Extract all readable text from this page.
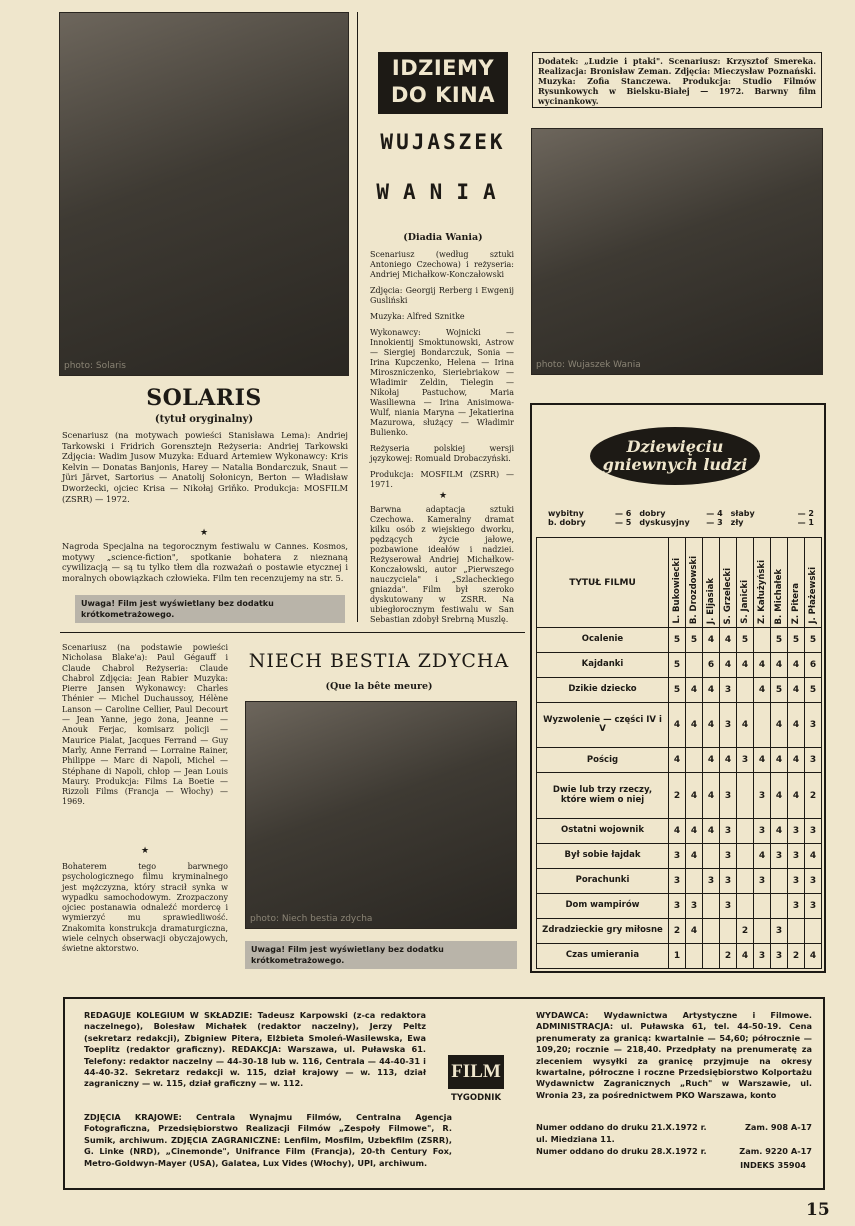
photo: Solaris
SOLARIS
(tytuł oryginalny)
Scenariusz (na motywach powieści Stanisława Lema): Andriej Tarkowski i Fridrich Gorensztejn Reżyseria: Andriej Tarkowski Zdjęcia: Wadim Jusow Muzyka: Eduard Artemiew Wykonawcy: Kris Kelvin — Donatas Banjonis, Harey — Natalia Bondarczuk, Snaut — Jüri Järvet, Sartorius — Anatolij Sołonicyn, Berton — Władisław Dworżecki, ojciec Krisa — Nikołaj Griňko. Produkcja: MOSFILM (ZSRR) — 1972.
★
Nagroda Specjalna na tegorocznym festiwalu w Cannes. Kosmos, motywy „science-fiction", spotkanie bohatera z nieznaną cywilizacją — są tu tylko tłem dla rozważań o postawie etycznej i moralnych obowiązkach człowieka. Film ten recenzujemy na str. 5.
Uwaga! Film jest wyświetlany bez dodatku krótkometrażowego.
IDZIEMY
DO KINA
WUJASZEK
WANIA
(Diadia Wania)

Scenariusz (według sztuki Antoniego Czechowa) i reżyseria: Andriej Michałkow-Konczałowski

Zdjęcia: Georgij Rerberg i Ewgenij Gusliński

Muzyka: Alfred Sznitke

Wykonawcy: Wojnicki — Innokientij Smoktunowski, Astrow — Siergiej Bondarczuk, Sonia — Irina Kupczenko, Helena — Irina Miroszniczenko, Sieriebriakow — Władimir Zeldin, Tielegin — Nikołaj Pastuchow, Maria Wasiliewna — Irina Anisimowa-Wulf, niania Maryna — Jekatierina Mazurowa, służący — Władimir Bulienko.

Reżyseria polskiej wersji językowej: Romuald Drobaczyński.

Produkcja: MOSFILM (ZSRR) — 1971.

★
Barwna adaptacja sztuki Czechowa. Kameralny dramat kilku osób z wiejskiego dworku, pędzących życie jałowe, pozbawione ideałów i nadziei. Reżyserował Andriej Michałkow-Konczałowski, autor „Pierwszego nauczyciela" i „Szlacheckiego gniazda". Film był szeroko dyskutowany w ZSRR. Na ubiegłorocznym festiwalu w San Sebastian zdobył Srebrną Muszlę.
Dodatek: „Ludzie i ptaki". Scenariusz: Krzysztof Smereka. Realizacja: Bronisław Zeman. Zdjęcia: Mieczysław Poznański. Muzyka: Zofia Stanczewa. Produkcja: Studio Filmów Rysunkowych w Bielsku-Białej — 1972. Barwny film wycinankowy.
photo: Wujaszek Wania
Scenariusz (na podstawie powieści Nicholasa Blake'a): Paul Gégauff i Claude Chabrol Reżyseria: Claude Chabrol Zdjęcia: Jean Rabier Muzyka: Pierre Jansen Wykonawcy: Charles Thénier — Michel Duchaussoy, Hélène Lanson — Caroline Cellier, Paul Decourt — Jean Yanne, jego żona, Jeanne — Anouk Ferjac, komisarz policji — Maurice Pialat, Jacques Ferrand — Guy Marly, Anne Ferrand — Lorraine Rainer, Philippe — Marc di Napoli, Michel — Stéphane di Napoli, chłop — Jean Louis Maury. Produkcja: Films La Boetie — Rizzoli Films (Francja — Włochy) — 1969.
★
Bohaterem tego barwnego psychologicznego filmu kryminalnego jest mężczyzna, który stracił synka w wypadku samochodowym. Zrozpaczony ojciec postanawia odnaleźć mordercę i wymierzyć mu sprawiedliwość. Znakomita konstrukcja dramaturgiczna, wiele celnych obserwacji obyczajowych, świetne aktorstwo.
NIECH BESTIA ZDYCHA
(Que la bête meure)
photo: Niech bestia zdycha
Uwaga! Film jest wyświetlany bez dodatku krótkometrażowego.
Dziewięciu
gniewnych ludzi
wybitny	— 6 dobry	— 4 słaby	— 2
b. dobry	— 5 dyskusyjny — 3 zły	— 1
TYTUŁ FILMU	L. Bukowiecki	B. Drozdowski	J. Eljasiak	S. Grzelecki	S. Janicki	Z. Kałużyński	B. Michałek	Z. Pitera	J. Płażewski

Ocalenie	5	5	4	4	5		5	5	5
Kajdanki	5		6	4	4	4	4	4	6
Dzikie dziecko	5	4	4	3		4	5	4	5
Wyzwolenie — części IV i V	4	4	4	3	4		4	4	3
Pościg	4		4	4	3	4	4	4	3
Dwie lub trzy rzeczy, które wiem o niej	2	4	4	3		3	4	4	2
Ostatni wojownik	4	4	4	3		3	4	3	3
Był sobie łajdak	3	4		3		4	3	3	4
Porachunki	3		3	3		3		3	3
Dom wampirów	3	3		3				3	3
Zdradzieckie gry miłosne	2	4			2		3		
Czas umierania	1			2	4	3	3	2	4
REDAGUJE KOLEGIUM W SKŁADZIE: Tadeusz Karpowski (z-ca redaktora naczelnego), Bolesław Michałek (redaktor naczelny), Jerzy Peltz (sekretarz redakcji), Zbigniew Pitera, Elżbieta Smoleń-Wasilewska, Ewa Toeplitz (redaktor graficzny). REDAKCJA: Warszawa, ul. Puławska 61. Telefony: redaktor naczelny — 44-30-18 lub w. 116, Centrala — 44-40-31 i 44-40-32. Sekretarz redakcji w. 115, dział krajowy — w. 113, dział zagraniczny — w. 115, dział graficzny — w. 112.
ZDJĘCIA KRAJOWE: Centrala Wynajmu Filmów, Centralna Agencja Fotograficzna, Przedsiębiorstwo Realizacji Filmów „Zespoły Filmowe", R. Sumik, archiwum. ZDJĘCIA ZAGRANICZNE: Lenfilm, Mosfilm, Uzbekfilm (ZSRR), G. Linke (NRD), „Cinemonde", Unifrance Film (Francja), 20-th Century Fox, Metro-Goldwyn-Mayer (USA), Galatea, Lux Vides (Włochy), UPI, archiwum.
FILM
TYGODNIK
WYDAWCA: Wydawnictwa Artystyczne i Filmowe. ADMINISTRACJA: ul. Puławska 61, tel. 44-50-19. Cena prenumeraty za granicą: kwartalnie — 54,60; półrocznie — 109,20; rocznie — 218,40. Przedpłaty na prenumeratę za zleceniem wysyłki za granicę przyjmuje na okresy kwartalne, półroczne i roczne Przedsiębiorstwo Kolportażu Wydawnictw Zagranicznych „Ruch" w Warszawie, ul. Wronia 23, za pośrednictwem PKO Warszawa, konto
Numer oddano do druku 21.X.1972 r.	Zam. 908 A-17
ul. Miedziana 11.
Numer oddano do druku 28.X.1972 r.	Zam. 9220 A-17
INDEKS 35904
15
